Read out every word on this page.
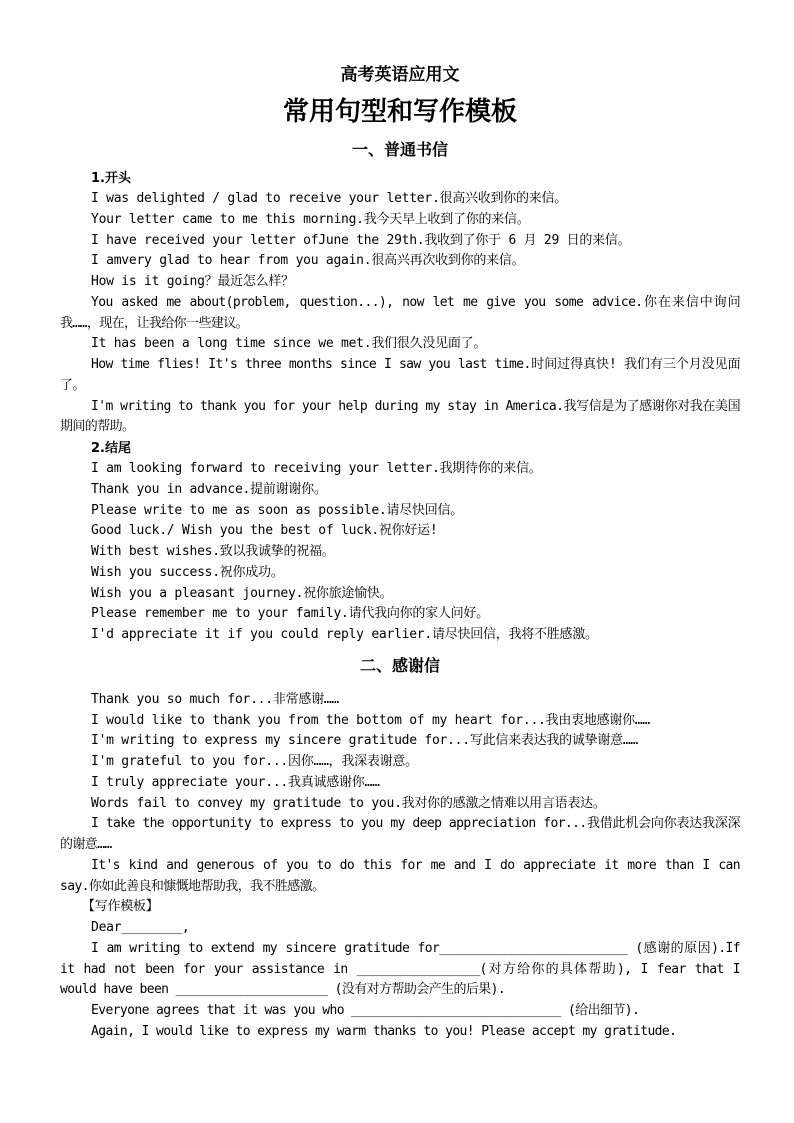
高考英语应用文
常用句型和写作模板
一、普通书信
1.开头
I was delighted / glad to receive your letter.很高兴收到你的来信。
Your letter came to me this morning.我今天早上收到了你的来信。
I have received your letter ofJune the 29th.我收到了你于 6 月 29 日的来信。
I amvery glad to hear from you again.很高兴再次收到你的来信。
How is it going？最近怎么样？
You asked me about(problem, question...), now let me give you some advice.你在来信中询问我……，现在，让我给你一些建议。
It has been a long time since we met.我们很久没见面了。
How time flies! It's three months since I saw you last time.时间过得真快! 我们有三个月没见面了。
I'm writing to thank you for your help during my stay in America.我写信是为了感谢你对我在美国期间的帮助。
2.结尾
I am looking forward to receiving your letter.我期待你的来信。
Thank you in advance.提前谢谢你。
Please write to me as soon as possible.请尽快回信。
Good luck./ Wish you the best of luck.祝你好运!
With best wishes.致以我诚挚的祝福。
Wish you success.祝你成功。
Wish you a pleasant journey.祝你旅途愉快。
Please remember me to your family.请代我向你的家人问好。
I'd appreciate it if you could reply earlier.请尽快回信，我将不胜感激。
二、感谢信
Thank you so much for...非常感谢……
I would like to thank you from the bottom of my heart for...我由衷地感谢你……
I'm writing to express my sincere gratitude for...写此信来表达我的诚挚谢意……
I'm grateful to you for...因你……，我深表谢意。
I truly appreciate your...我真诚感谢你……
Words fail to convey my gratitude to you.我对你的感激之情难以用言语表达。
I take the opportunity to express to you my deep appreciation for...我借此机会向你表达我深深的谢意……
It's kind and generous of you to do this for me and I do appreciate it more than I can say.你如此善良和慷慨地帮助我，我不胜感激。
【写作模板】
Dear________,
I am writing to extend my sincere gratitude for__________________________ (感谢的原因).If it had not been for your assistance in _________________(对方给你的具体帮助), I fear that I would have been _____________________ (没有对方帮助会产生的后果).
Everyone agrees that it was you who _____________________________ (给出细节).
Again, I would like to express my warm thanks to you! Please accept my gratitude.
